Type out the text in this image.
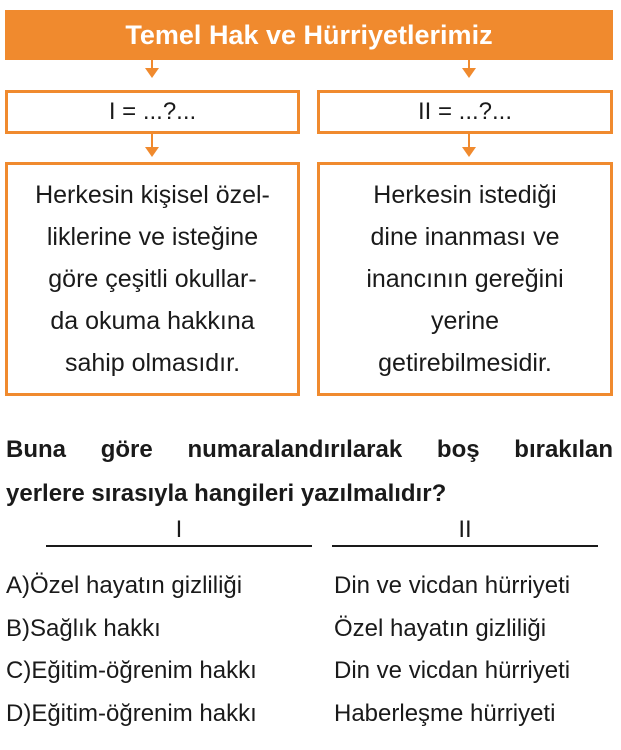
Temel Hak ve Hürriyetlerimiz
I = ...?...	II = ...?...
Herkesin kişisel özel-
liklerine ve isteğine
göre çeşitli okullar-
da okuma hakkına
sahip olmasıdır.
Herkesin istediği
dine inanması ve
inancının gereğini
yerine
getirebilmesidir.
Buna göre numaralandırılarak boş bırakılan
yerlere sırasıyla hangileri yazılmalıdır?
I	II
A)Özel hayatın gizliliği	Din ve vicdan hürriyeti
B)Sağlık hakkı	Özel hayatın gizliliği
C)Eğitim-öğrenim hakkı	Din ve vicdan hürriyeti
D)Eğitim-öğrenim hakkı	Haberleşme hürriyeti
